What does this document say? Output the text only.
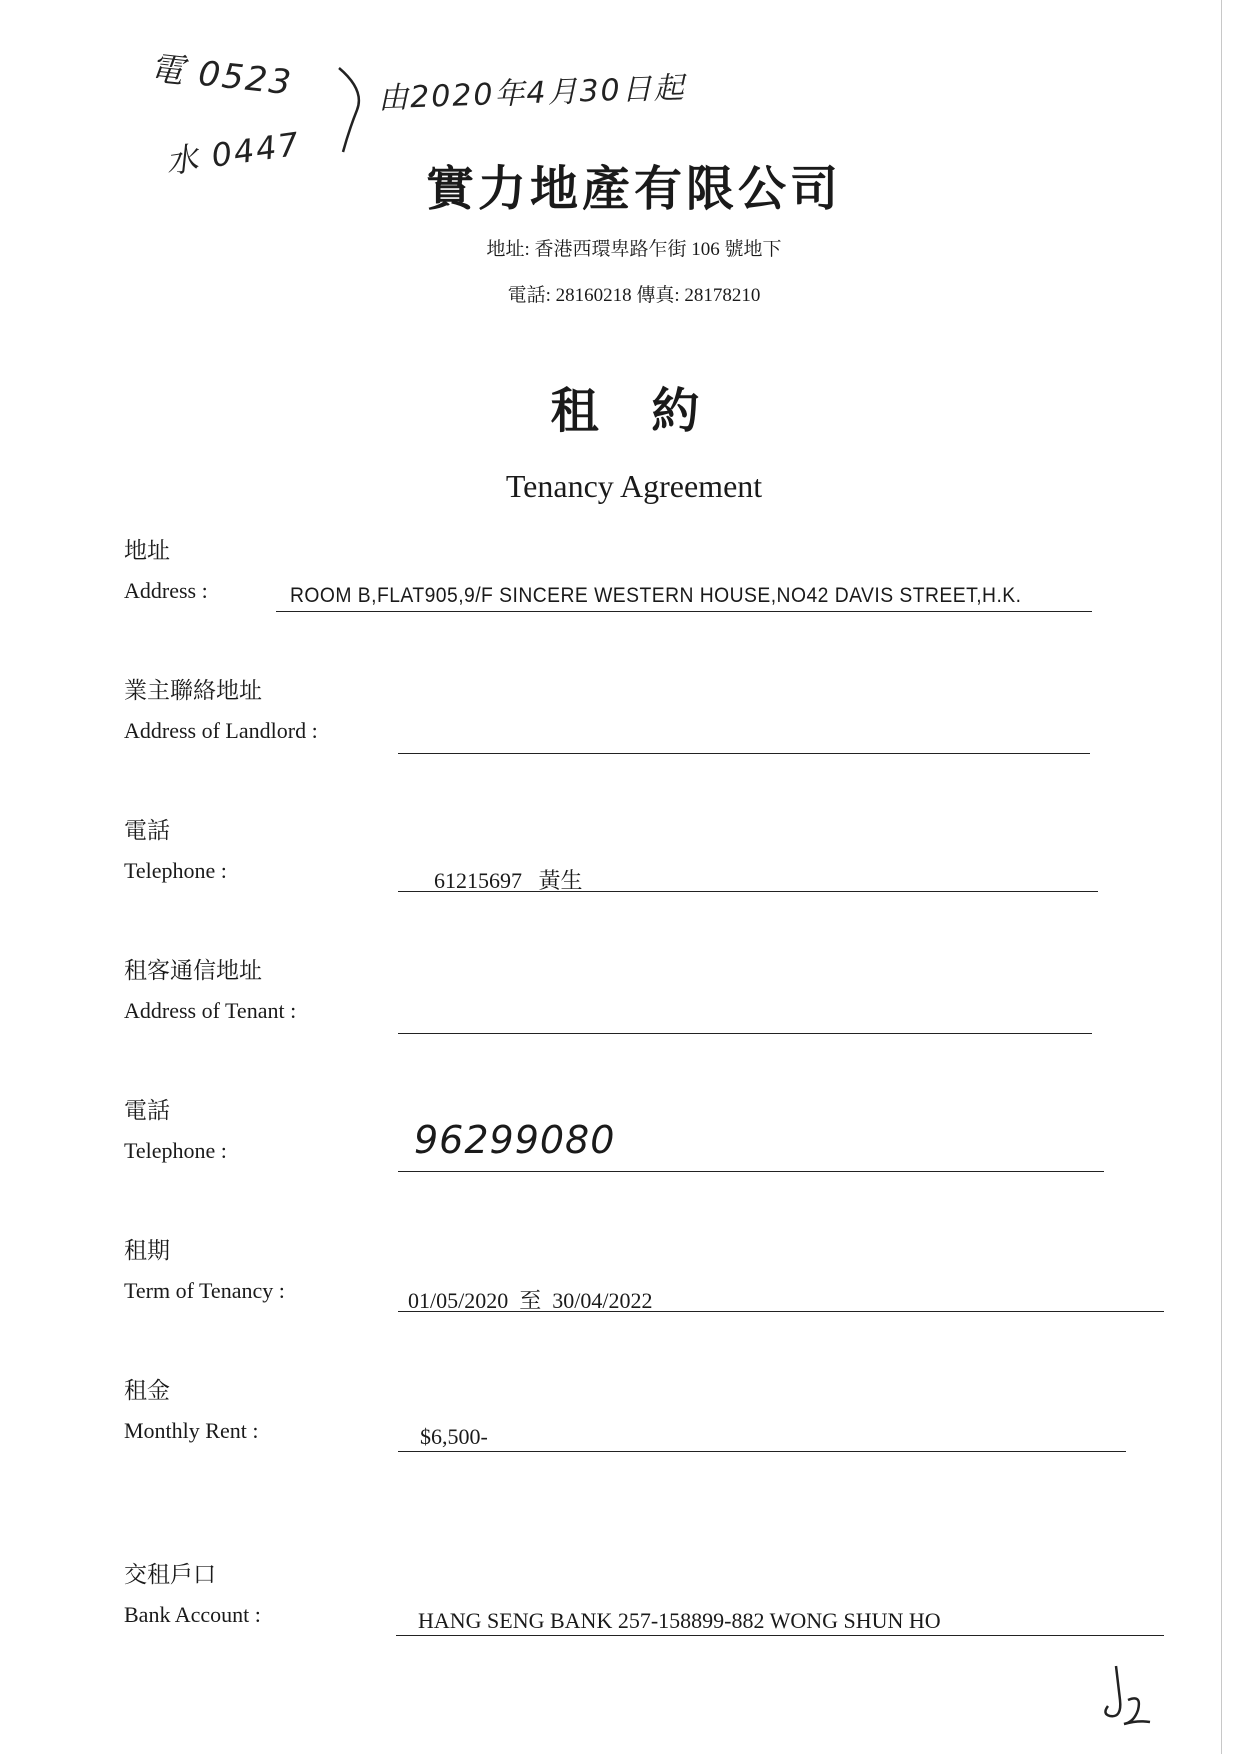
電 0523
水 0447
由2020年4月30日起
實力地產有限公司
地址: 香港西環卑路乍街 106 號地下
電話: 28160218 傳真: 28178210
租 約
Tenancy Agreement
地址
Address :	ROOM B,FLAT905,9/F SINCERE WESTERN HOUSE,NO42 DAVIS STREET,H.K.
業主聯絡地址
Address of Landlord :
電話
Telephone :	61215697   黃生
租客通信地址
Address of Tenant :
電話
Telephone :	96299080
租期
Term of Tenancy :	01/05/2020  至  30/04/2022
租金
Monthly Rent :	$6,500-
交租戶口
Bank Account :	HANG SENG BANK 257-158899-882 WONG SHUN HO
